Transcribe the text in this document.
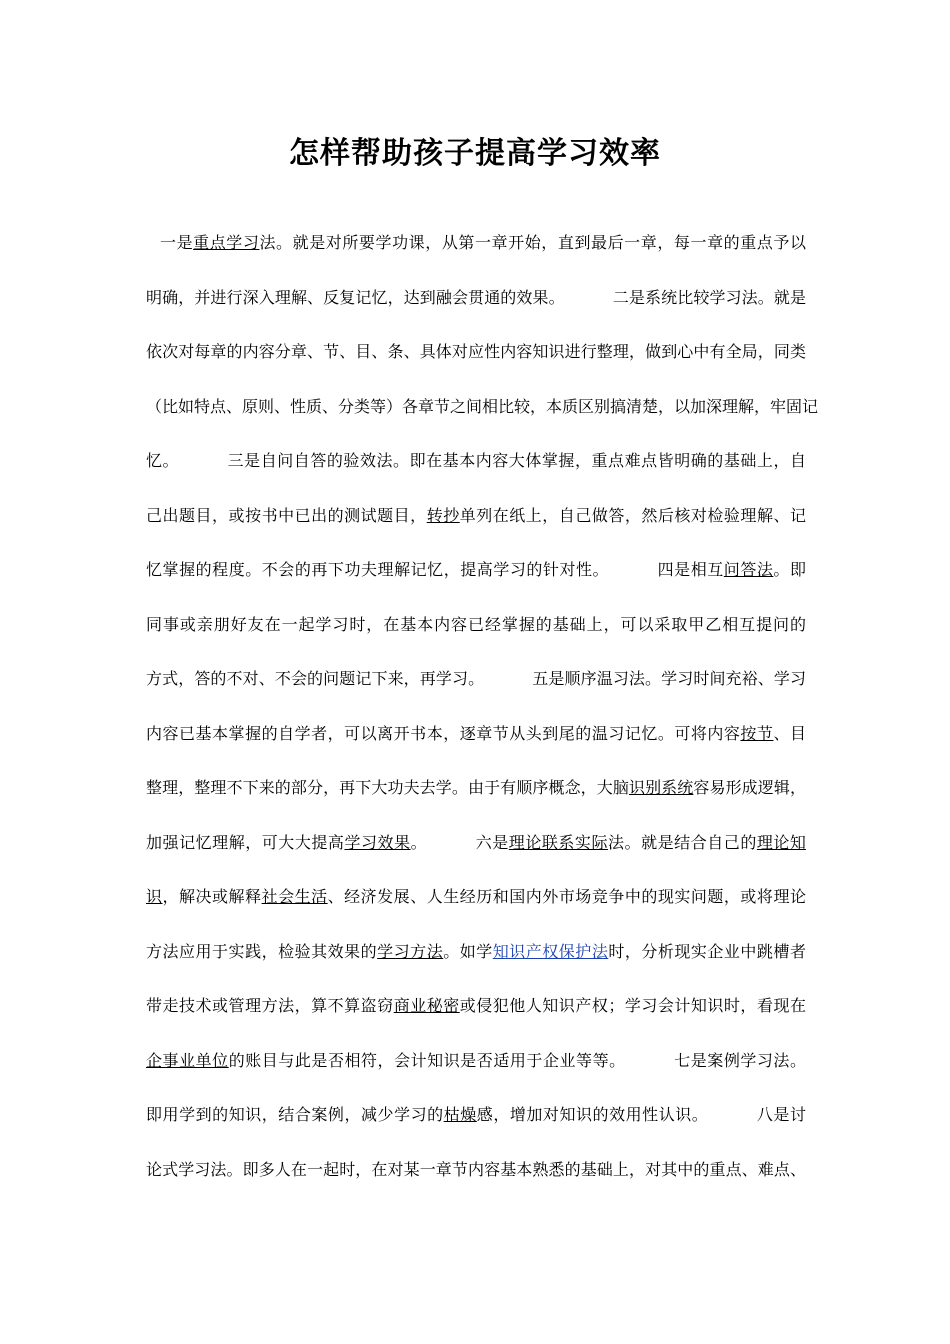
怎样帮助孩子提高学习效率
一是重点学习法。就是对所要学功课，从第一章开始，直到最后一章，每一章的重点予以
明确，并进行深入理解、反复记忆，达到融会贯通的效果。	二是系统比较学习法。就是
依次对每章的内容分章、节、目、条、具体对应性内容知识进行整理，做到心中有全局，同类
（比如特点、原则、性质、分类等）各章节之间相比较，本质区别搞清楚，以加深理解，牢固记
忆。	三是自问自答的验效法。即在基本内容大体掌握，重点难点皆明确的基础上，自
己出题目，或按书中已出的测试题目，转抄单列在纸上，自己做答，然后核对检验理解、记
忆掌握的程度。不会的再下功夫理解记忆，提高学习的针对性。	四是相互问答法。即
同事或亲朋好友在一起学习时，在基本内容已经掌握的基础上，可以采取甲乙相互提问的
方式，答的不对、不会的问题记下来，再学习。	五是顺序温习法。学习时间充裕、学习
内容已基本掌握的自学者，可以离开书本，逐章节从头到尾的温习记忆。可将内容按节、目
整理，整理不下来的部分，再下大功夫去学。由于有顺序概念，大脑识别系统容易形成逻辑，
加强记忆理解，可大大提高学习效果。	六是理论联系实际法。就是结合自己的理论知
识，解决或解释社会生活、经济发展、人生经历和国内外市场竞争中的现实问题，或将理论
方法应用于实践，检验其效果的学习方法。如学知识产权保护法时，分析现实企业中跳槽者
带走技术或管理方法，算不算盗窃商业秘密或侵犯他人知识产权；学习会计知识时，看现在
企事业单位的账目与此是否相符，会计知识是否适用于企业等等。	七是案例学习法。
即用学到的知识，结合案例，减少学习的枯燥感，增加对知识的效用性认识。	八是讨
论式学习法。即多人在一起时，在对某一章节内容基本熟悉的基础上，对其中的重点、难点、
